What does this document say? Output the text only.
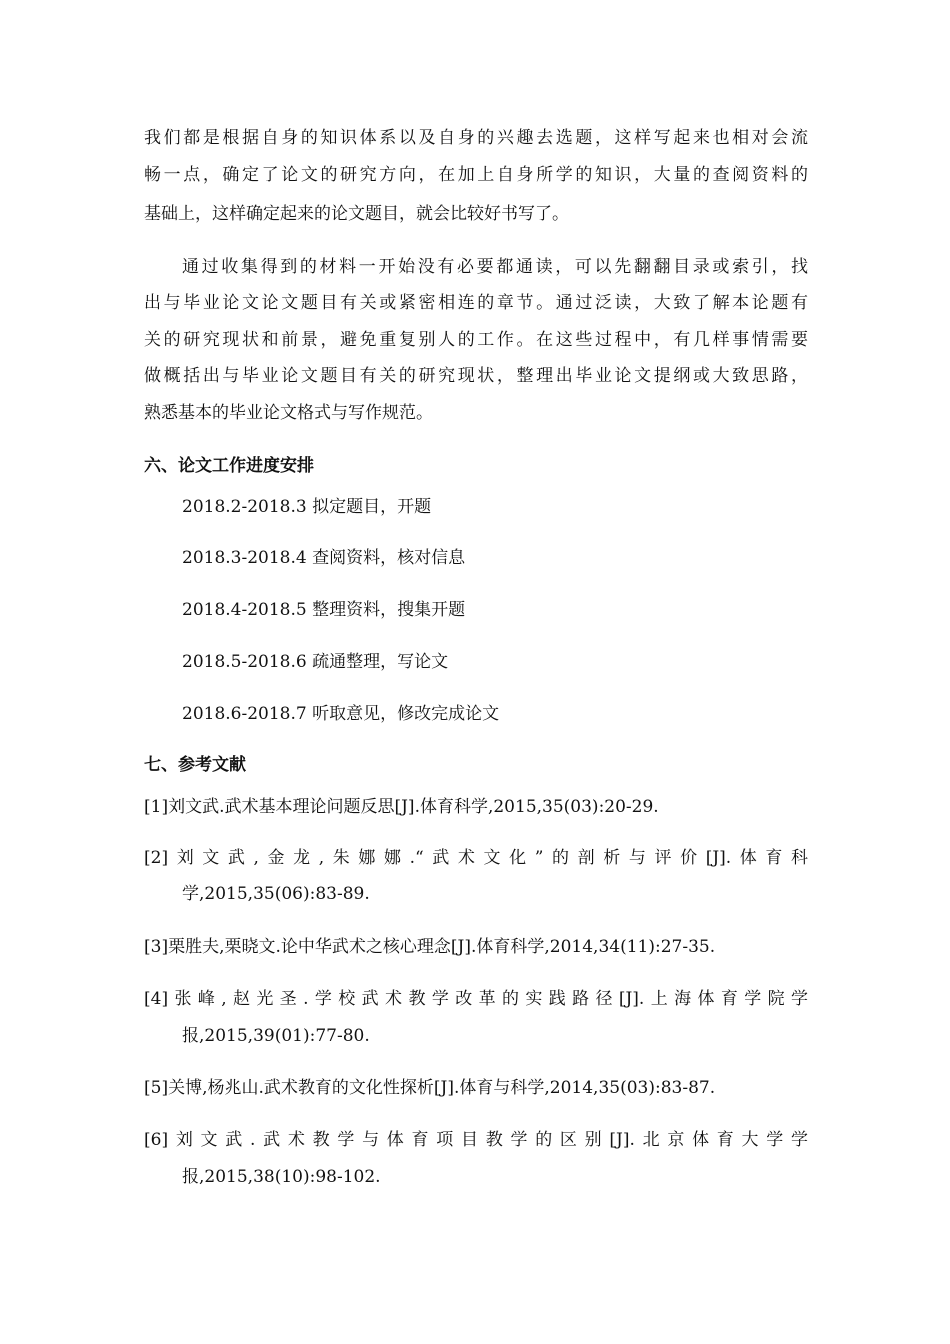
我们都是根据自身的知识体系以及自身的兴趣去选题，这样写起来也相对会流
畅一点，确定了论文的研究方向，在加上自身所学的知识，大量的查阅资料的
基础上，这样确定起来的论文题目，就会比较好书写了。
通过收集得到的材料一开始没有必要都通读，可以先翻翻目录或索引，找
出与毕业论文论文题目有关或紧密相连的章节。通过泛读，大致了解本论题有
关的研究现状和前景，避免重复别人的工作。在这些过程中，有几样事情需要
做概括出与毕业论文题目有关的研究现状，整理出毕业论文提纲或大致思路，
熟悉基本的毕业论文格式与写作规范。
六、论文工作进度安排
2018.2-2018.3 拟定题目，开题
2018.3-2018.4 查阅资料，核对信息
2018.4-2018.5 整理资料，搜集开题
2018.5-2018.6 疏通整理，写论文
2018.6-2018.7 听取意见，修改完成论文
七、参考文献
[1]刘文武.武术基本理论问题反思[J].体育科学,2015,35(03):20-29.
[2]刘文武,金龙,朱娜娜.“武术文化”的剖析与评价[J].体育科
学,2015,35(06):83-89.
[3]栗胜夫,栗晓文.论中华武术之核心理念[J].体育科学,2014,34(11):27-35.
[4]张峰,赵光圣.学校武术教学改革的实践路径[J].上海体育学院学
报,2015,39(01):77-80.
[5]关博,杨兆山.武术教育的文化性探析[J].体育与科学,2014,35(03):83-87.
[6]刘文武.武术教学与体育项目教学的区别[J].北京体育大学学
报,2015,38(10):98-102.
